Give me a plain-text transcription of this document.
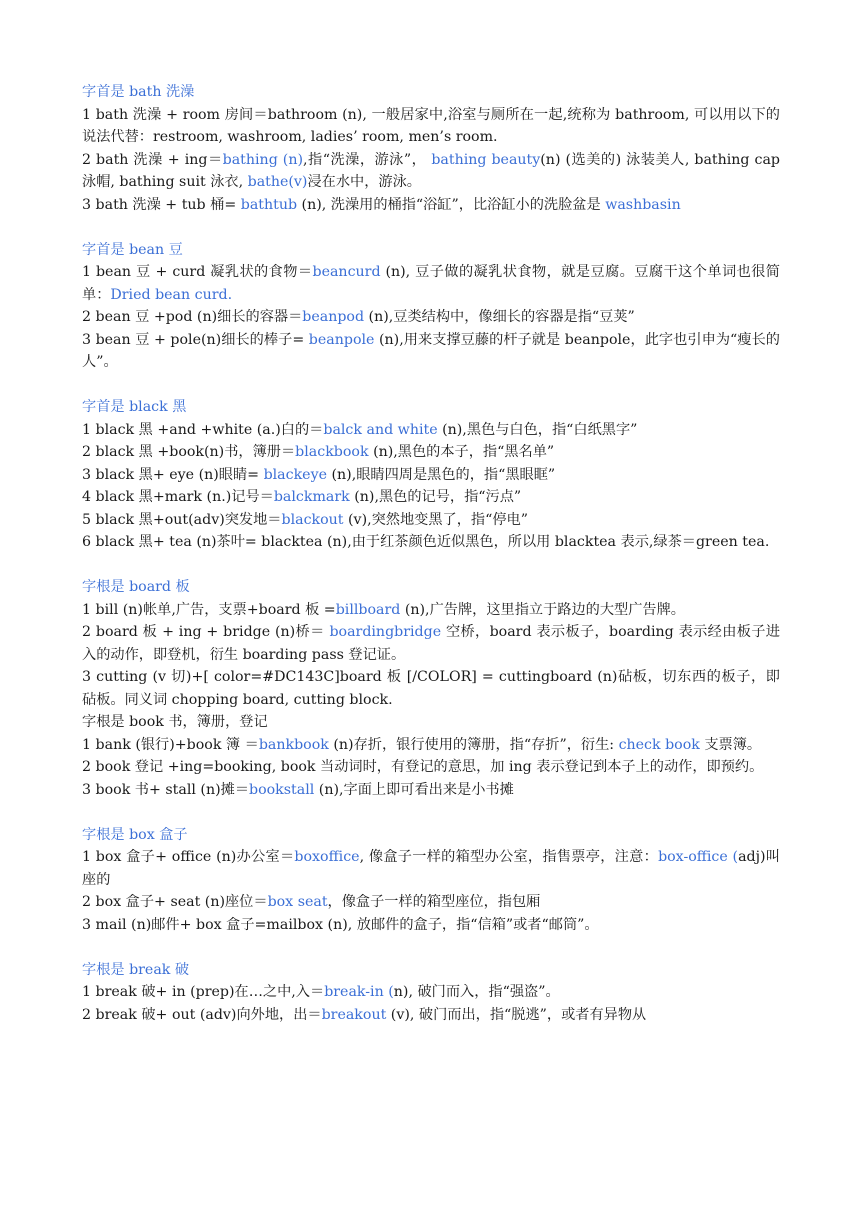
字首是 bath 洗澡
1 bath 洗澡 + room 房间＝bathroom (n), 一般居家中,浴室与厕所在一起,统称为 bathroom, 可以用以下的说法代替：restroom, washroom, ladies’ room, men’s room.
2 bath 洗澡 + ing＝bathing (n),指“洗澡，游泳”， bathing beauty(n) (选美的) 泳装美人, bathing cap 泳帽, bathing suit 泳衣, bathe(v)浸在水中，游泳。
3 bath 洗澡 + tub 桶= bathtub (n), 洗澡用的桶指“浴缸”，比浴缸小的洗脸盆是 washbasin
字首是 bean 豆
1 bean 豆 + curd 凝乳状的食物＝beancurd (n), 豆子做的凝乳状食物，就是豆腐。豆腐干这个单词也很简单：Dried bean curd.
2 bean 豆 +pod (n)细长的容器＝beanpod (n),豆类结构中，像细长的容器是指“豆荚”
3 bean 豆 + pole(n)细长的棒子= beanpole (n),用来支撑豆藤的杆子就是 beanpole，此字也引申为“瘦长的人”。
字首是 black 黑
1 black 黑 +and +white (a.)白的＝balck and white (n),黑色与白色，指“白纸黑字”
2 black 黑 +book(n)书，簿册＝blackbook (n),黑色的本子，指“黑名单”
3 black 黑+ eye (n)眼睛= blackeye (n),眼睛四周是黑色的，指“黑眼眶”
4 black 黑+mark (n.)记号＝balckmark (n),黑色的记号，指“污点”
5 black 黑+out(adv)突发地＝blackout (v),突然地变黑了，指“停电”
6 black 黑+ tea (n)茶叶= blacktea (n),由于红茶颜色近似黑色，所以用 blacktea 表示,绿茶＝green tea.
字根是 board 板
1 bill (n)帐单,广告，支票+board 板 =billboard (n),广告牌，这里指立于路边的大型广告牌。
2 board 板 + ing + bridge (n)桥＝ boardingbridge 空桥，board 表示板子，boarding 表示经由板子进入的动作，即登机，衍生 boarding pass 登记证。
3 cutting (v 切)+[ color=#DC143C]board 板 [/COLOR] = cuttingboard (n)砧板，切东西的板子，即砧板。同义词 chopping board, cutting block.
字根是 book 书，簿册，登记
1 bank (银行)+book 簿 ＝bankbook (n)存折，银行使用的簿册，指“存折”，衍生: check book 支票簿。
2 book 登记 +ing=booking, book 当动词时，有登记的意思，加 ing 表示登记到本子上的动作，即预约。
3 book 书+ stall (n)摊＝bookstall (n),字面上即可看出来是小书摊
字根是 box 盒子
1 box 盒子+ office (n)办公室＝boxoffice, 像盒子一样的箱型办公室，指售票亭，注意：box-office (adj)叫座的
2 box 盒子+ seat (n)座位＝box seat，像盒子一样的箱型座位，指包厢
3 mail (n)邮件+ box 盒子=mailbox (n), 放邮件的盒子，指“信箱”或者“邮筒”。
字根是 break 破
1 break 破+ in (prep)在…之中,入＝break-in (n), 破门而入，指“强盗”。
2 break 破+ out (adv)向外地，出＝breakout (v), 破门而出，指“脱逃”，或者有异物从
